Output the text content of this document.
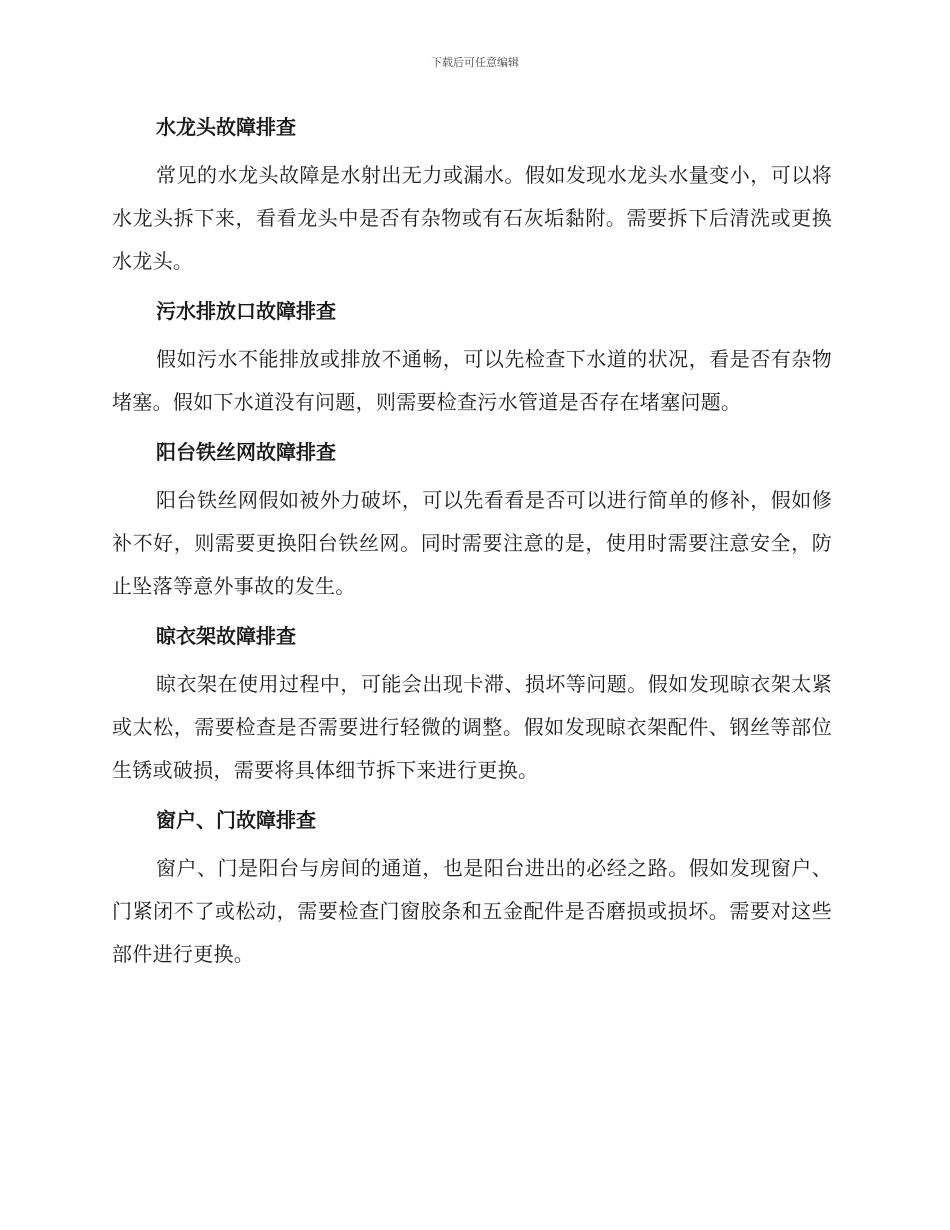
下载后可任意编辑
水龙头故障排查

常见的水龙头故障是水射出无力或漏水。假如发现水龙头水量变小，可以将水龙头拆下来，看看龙头中是否有杂物或有石灰垢黏附。需要拆下后清洗或更换水龙头。

污水排放口故障排查

假如污水不能排放或排放不通畅，可以先检查下水道的状况，看是否有杂物堵塞。假如下水道没有问题，则需要检查污水管道是否存在堵塞问题。

阳台铁丝网故障排查

阳台铁丝网假如被外力破坏，可以先看看是否可以进行简单的修补，假如修补不好，则需要更换阳台铁丝网。同时需要注意的是，使用时需要注意安全，防止坠落等意外事故的发生。

晾衣架故障排查

晾衣架在使用过程中，可能会出现卡滞、损坏等问题。假如发现晾衣架太紧或太松，需要检查是否需要进行轻微的调整。假如发现晾衣架配件、钢丝等部位生锈或破损，需要将具体细节拆下来进行更换。

窗户、门故障排查

窗户、门是阳台与房间的通道，也是阳台进出的必经之路。假如发现窗户、门紧闭不了或松动，需要检查门窗胶条和五金配件是否磨损或损坏。需要对这些部件进行更换。
